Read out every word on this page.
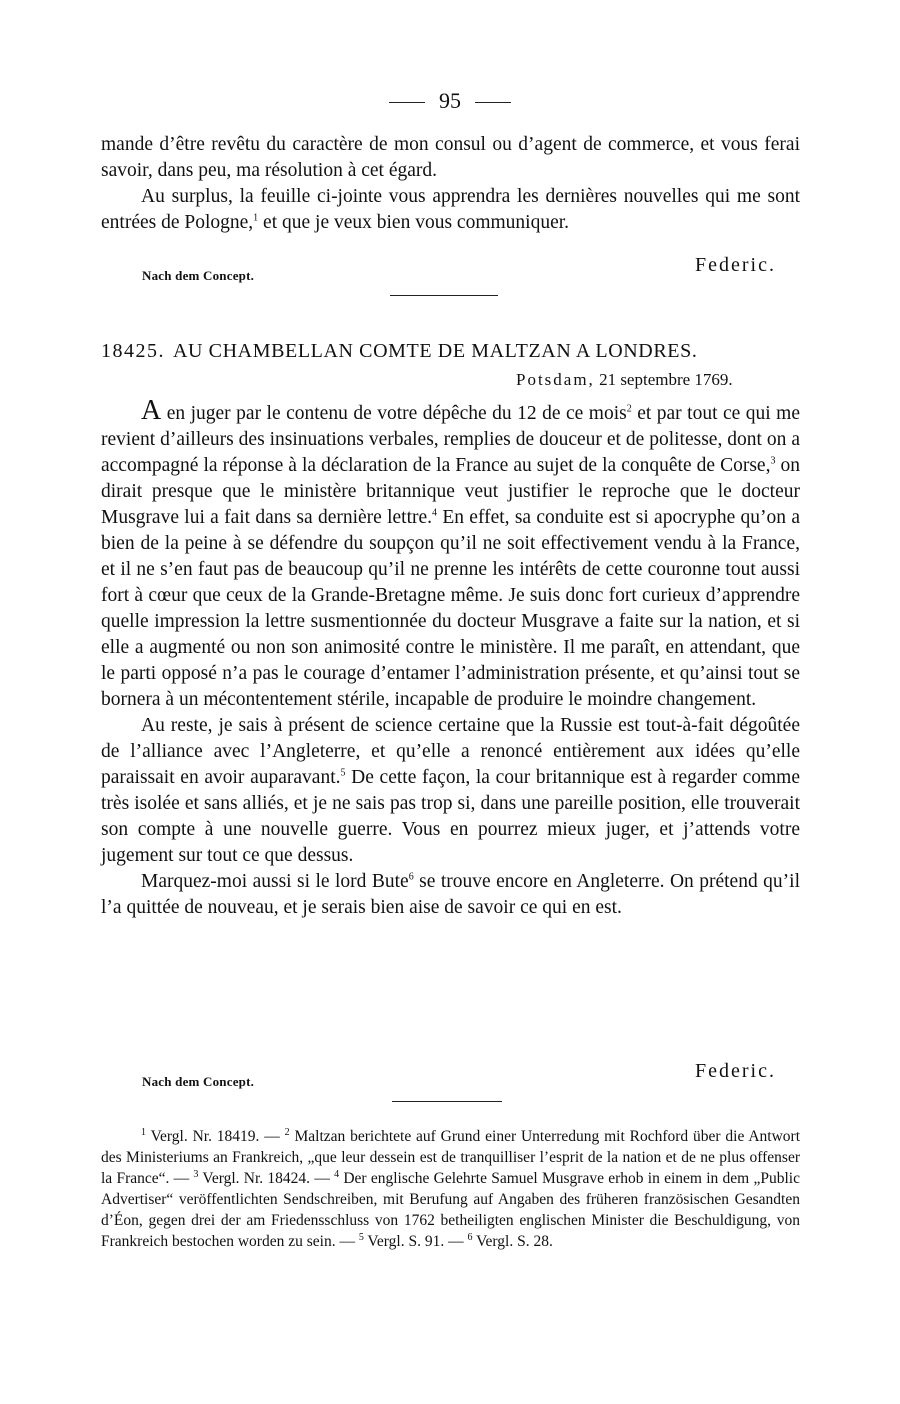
95

mande d’être revêtu du caractère de mon consul ou d’agent de commerce, et vous ferai savoir, dans peu, ma résolution à cet égard.

Au surplus, la feuille ci-jointe vous apprendra les dernières nouvelles qui me sont entrées de Pologne,$^1$ et que je veux bien vous communiquer.

Nach dem Concept.	Federic.
18425. AU CHAMBELLAN COMTE DE MALTZAN A LONDRES.
Potsdam, 21 septembre 1769.

A en juger par le contenu de votre dépêche du 12 de ce mois$^2$ et par tout ce qui me revient d’ailleurs des insinuations verbales, remplies de douceur et de politesse, dont on a accompagné la réponse à la déclaration de la France au sujet de la conquête de Corse,$^3$ on dirait presque que le ministère britannique veut justifier le reproche que le docteur Musgrave lui a fait dans sa dernière lettre.$^4$ En effet, sa conduite est si apocryphe qu’on a bien de la peine à se défendre du soupçon qu’il ne soit effectivement vendu à la France, et il ne s’en faut pas de beaucoup qu’il ne prenne les intérêts de cette couronne tout aussi fort à cœur que ceux de la Grande-Bretagne même. Je suis donc fort curieux d’apprendre quelle impression la lettre susmentionnée du docteur Musgrave a faite sur la nation, et si elle a augmenté ou non son animosité contre le ministère. Il me paraît, en attendant, que le parti opposé n’a pas le courage d’entamer l’administration présente, et qu’ainsi tout se bornera à un mécontentement stérile, incapable de produire le moindre changement.

Au reste, je sais à présent de science certaine que la Russie est tout-à-fait dégoûtée de l’alliance avec l’Angleterre, et qu’elle a renoncé entièrement aux idées qu’elle paraissait en avoir auparavant.$^5$ De cette façon, la cour britannique est à regarder comme très isolée et sans alliés, et je ne sais pas trop si, dans une pareille position, elle trouverait son compte à une nouvelle guerre. Vous en pourrez mieux juger, et j’attends votre jugement sur tout ce que dessus.

Marquez-moi aussi si le lord Bute$^6$ se trouve encore en Angleterre. On prétend qu’il l’a quittée de nouveau, et je serais bien aise de savoir ce qui en est.

Nach dem Concept.	Federic.

$^1$ Vergl. Nr. 18419. — $^2$ Maltzan berichtete auf Grund einer Unterredung mit Rochford über die Antwort des Ministeriums an Frankreich, „que leur dessein est de tranquilliser l’esprit de la nation et de ne plus offenser la France“. — $^3$ Vergl. Nr. 18424. — $^4$ Der englische Gelehrte Samuel Musgrave erhob in einem in dem „Public Advertiser“ veröffentlichten Sendschreiben, mit Berufung auf Angaben des früheren französischen Gesandten d’Éon, gegen drei der am Friedensschluss von 1762 betheiligten englischen Minister die Beschuldigung, von Frankreich bestochen worden zu sein. — $^5$ Vergl. S. 91. — $^6$ Vergl. S. 28.
